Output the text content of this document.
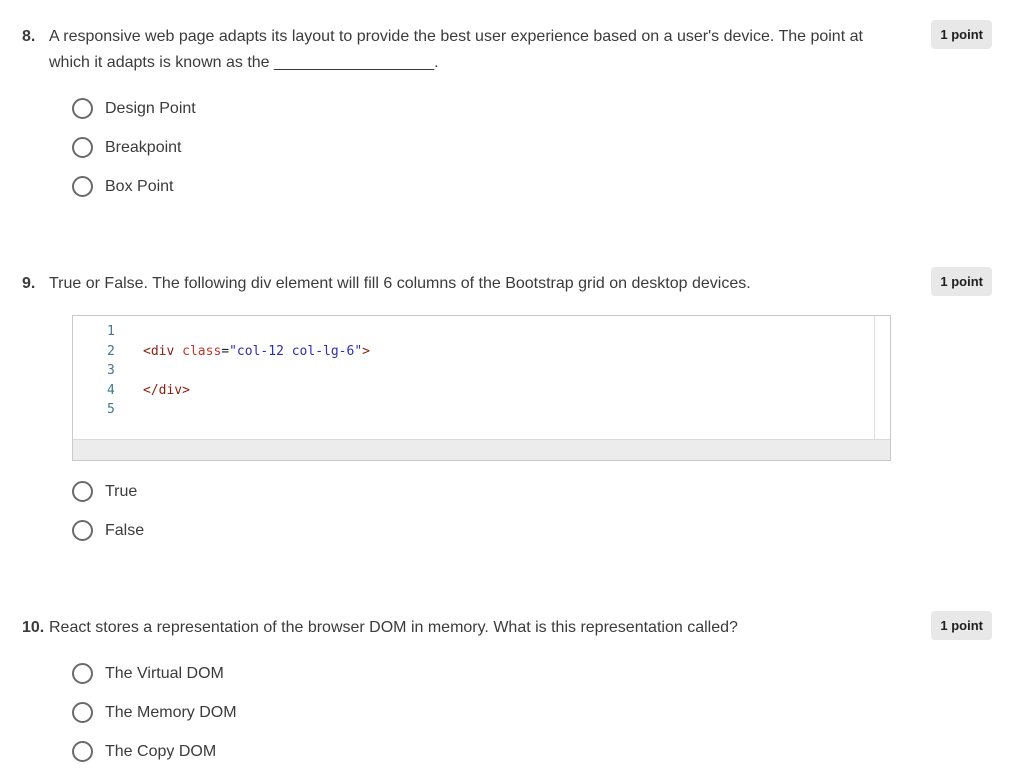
1 point
8. A responsive web page adapts its layout to provide the best user experience based on a user's device. The point at which it adapts is known as the __________________.
Design Point
Breakpoint
Box Point
1 point
9. True or False. The following div element will fill 6 columns of the Bootstrap grid on desktop devices.
1
2 <div class="col-12 col-lg-6">
3
4 </div>
5
True
False
1 point
10. React stores a representation of the browser DOM in memory. What is this representation called?
The Virtual DOM
The Memory DOM
The Copy DOM
